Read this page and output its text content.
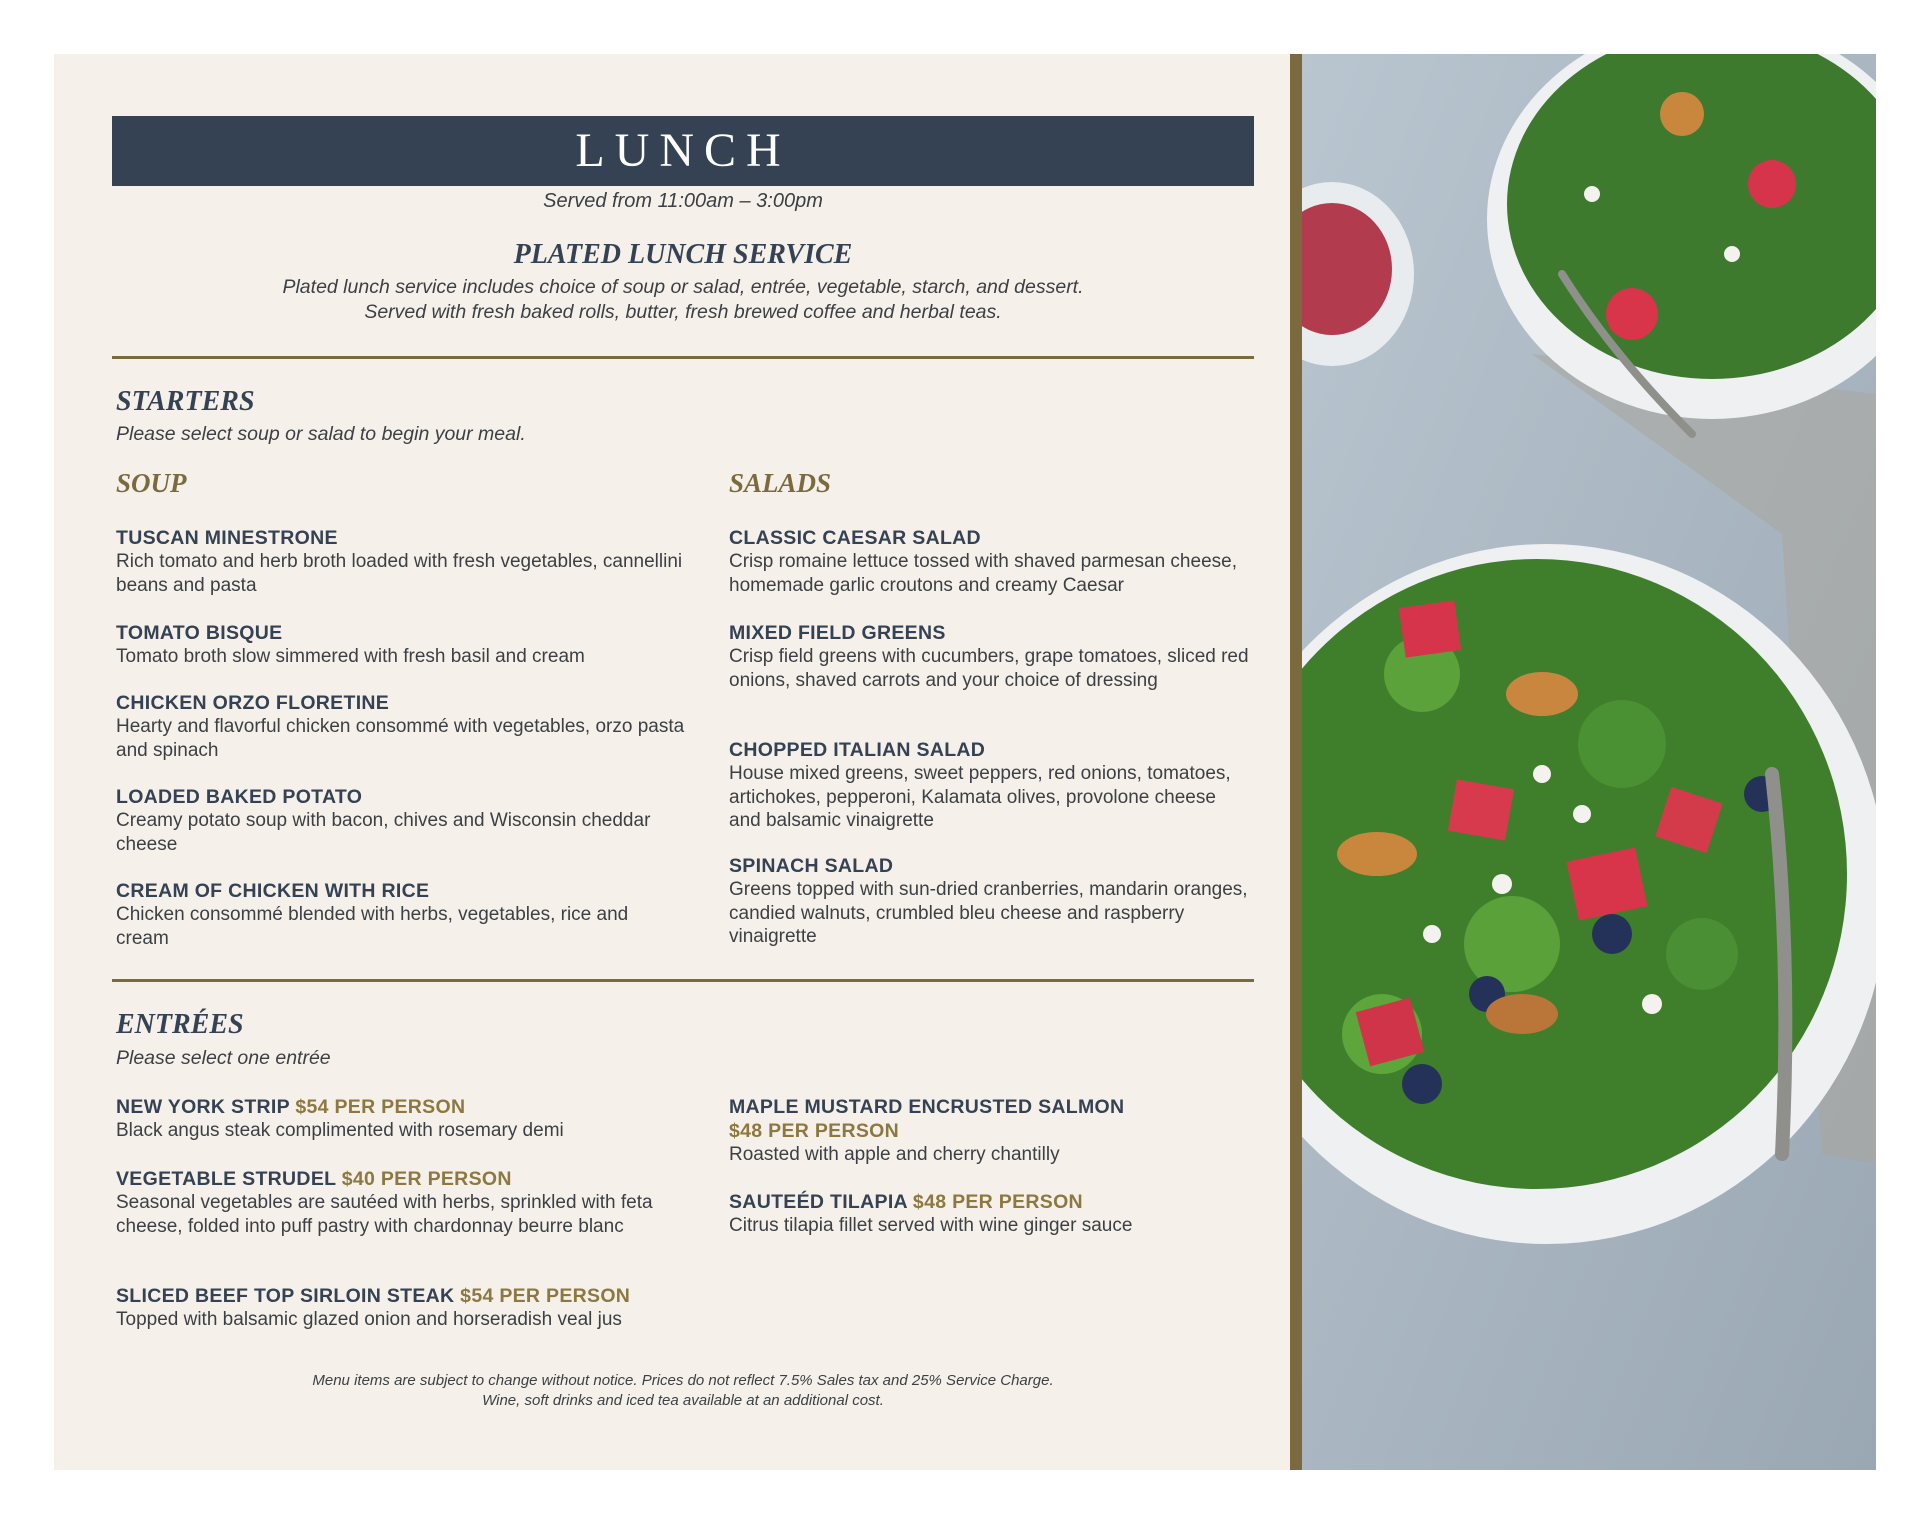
LUNCH
Served from 11:00am – 3:00pm
PLATED LUNCH SERVICE
Plated lunch service includes choice of soup or salad, entrée, vegetable, starch, and dessert.
Served with fresh baked rolls, butter, fresh brewed coffee and herbal teas.
STARTERS
Please select soup or salad to begin your meal.
SOUP	SALADS
TUSCAN MINESTRONE
Rich tomato and herb broth loaded with fresh vegetables, cannellini beans and pasta
TOMATO BISQUE
Tomato broth slow simmered with fresh basil and cream
CHICKEN ORZO FLORETINE
Hearty and flavorful chicken consommé with vegetables, orzo pasta and spinach
LOADED BAKED POTATO
Creamy potato soup with bacon, chives and Wisconsin cheddar cheese
CREAM OF CHICKEN WITH RICE
Chicken consommé blended with herbs, vegetables, rice and cream
CLASSIC CAESAR SALAD
Crisp romaine lettuce tossed with shaved parmesan cheese, homemade garlic croutons and creamy Caesar
MIXED FIELD GREENS
Crisp field greens with cucumbers, grape tomatoes, sliced red onions, shaved carrots and your choice of dressing
CHOPPED ITALIAN SALAD
House mixed greens, sweet peppers, red onions, tomatoes, artichokes, pepperoni, Kalamata olives, provolone cheese and balsamic vinaigrette
SPINACH SALAD
Greens topped with sun-dried cranberries, mandarin oranges, candied walnuts, crumbled bleu cheese and raspberry vinaigrette
ENTRÉES
Please select one entrée
NEW YORK STRIP $54 PER PERSON
Black angus steak complimented with rosemary demi
VEGETABLE STRUDEL $40 PER PERSON
Seasonal vegetables are sautéed with herbs, sprinkled with feta cheese, folded into puff pastry with chardonnay beurre blanc
SLICED BEEF TOP SIRLOIN STEAK $54 PER PERSON
Topped with balsamic glazed onion and horseradish veal jus
MAPLE MUSTARD ENCRUSTED SALMON
$48 PER PERSON
Roasted with apple and cherry chantilly
SAUTEÉD TILAPIA $48 PER PERSON
Citrus tilapia fillet served with wine ginger sauce
Menu items are subject to change without notice. Prices do not reflect 7.5% Sales tax and 25% Service Charge.
Wine, soft drinks and iced tea available at an additional cost.
